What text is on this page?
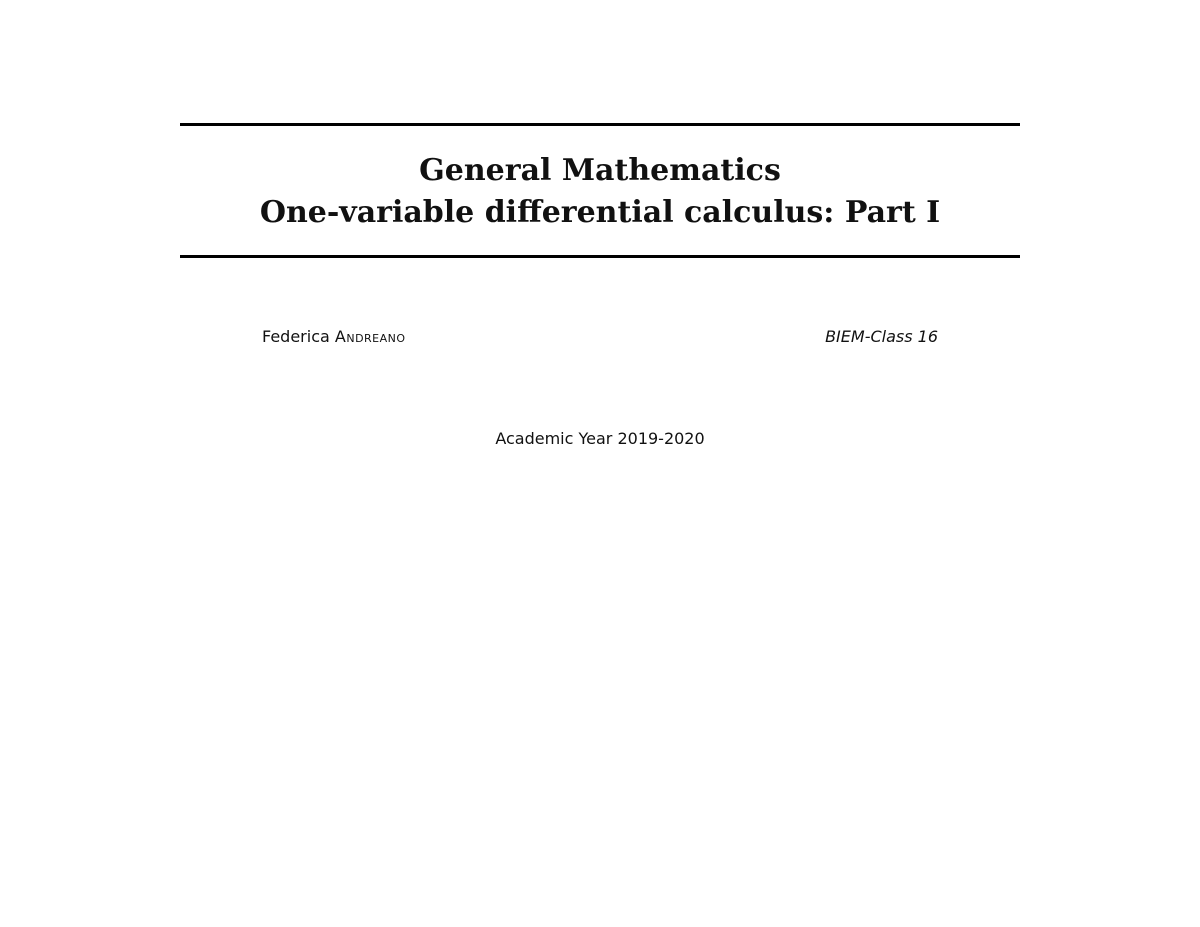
General Mathematics
One-variable differential calculus: Part I
Federica Andreano	BIEM-Class 16
Academic Year 2019-2020
